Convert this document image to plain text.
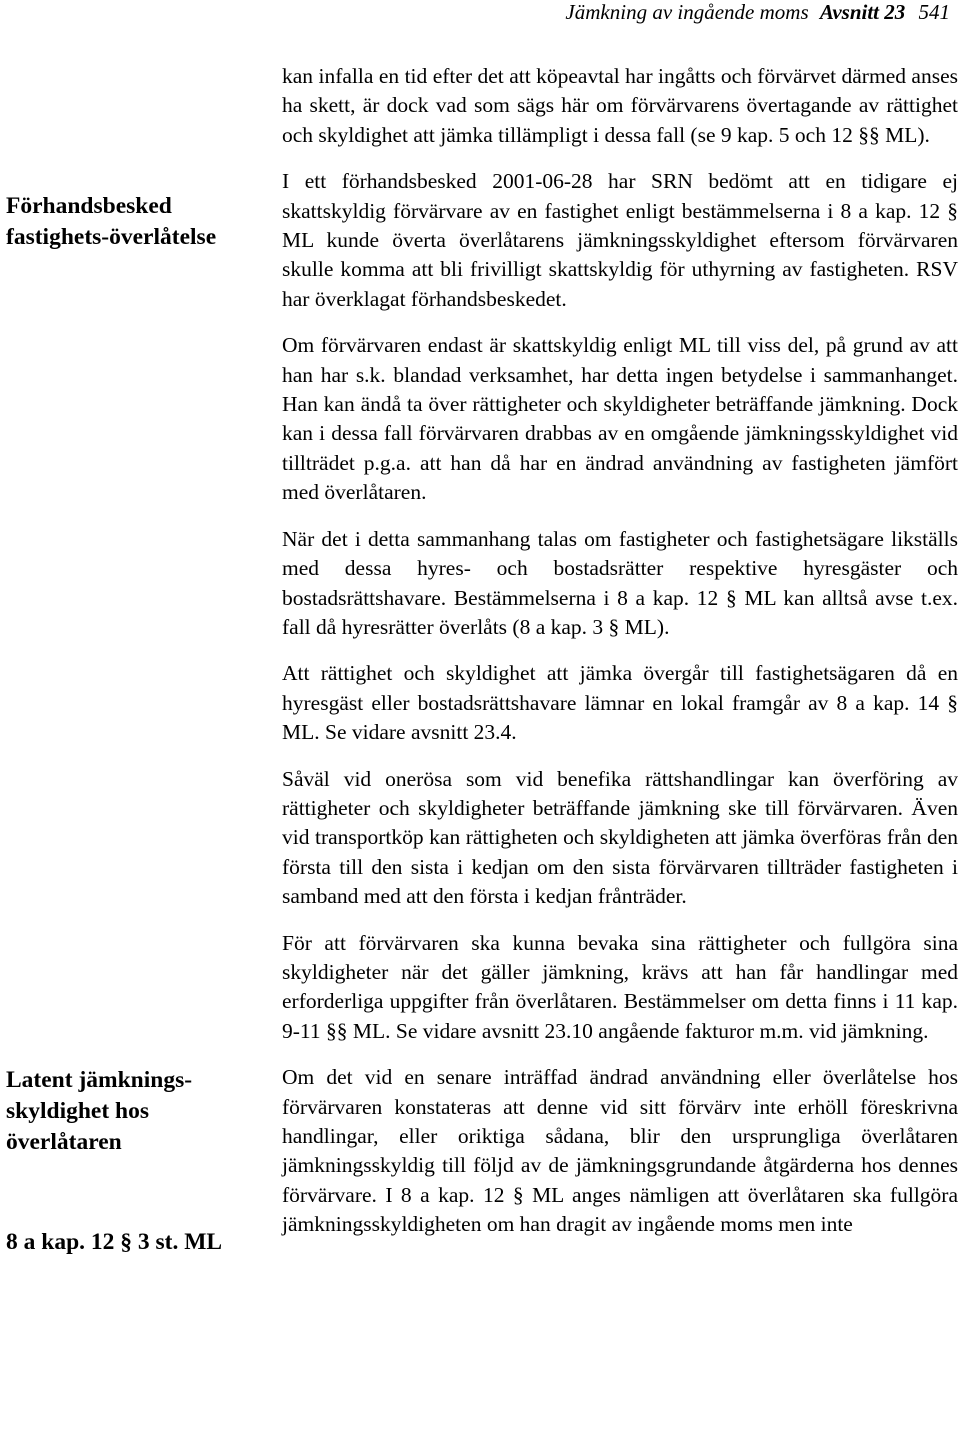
Jämkning av ingående moms Avsnitt 23 541
Förhandsbesked fastighets-överlåtelse
Latent jämknings-skyldighet hos överlåtaren
8 a kap. 12 § 3 st. ML

kan infalla en tid efter det att köpeavtal har ingåtts och förvärvet därmed anses ha skett, är dock vad som sägs här om förvärvarens övertagande av rättighet och skyldighet att jämka tillämpligt i dessa fall (se 9 kap. 5 och 12 §§ ML).

I ett förhandsbesked 2001-06-28 har SRN bedömt att en tidigare ej skattskyldig förvärvare av en fastighet enligt bestämmelserna i 8 a kap. 12 § ML kunde överta överlåtarens jämkningsskyldighet eftersom förvärvaren skulle komma att bli frivilligt skattskyldig för uthyrning av fastigheten. RSV har överklagat förhandsbeskedet.

Om förvärvaren endast är skattskyldig enligt ML till viss del, på grund av att han har s.k. blandad verksamhet, har detta ingen betydelse i sammanhanget. Han kan ändå ta över rättigheter och skyldigheter beträffande jämkning. Dock kan i dessa fall förvärvaren drabbas av en omgående jämkningsskyldighet vid tillträdet p.g.a. att han då har en ändrad användning av fastigheten jämfört med överlåtaren.

När det i detta sammanhang talas om fastigheter och fastighetsägare likställs med dessa hyres- och bostadsrätter respektive hyresgäster och bostadsrättshavare. Bestämmelserna i 8 a kap. 12 § ML kan alltså avse t.ex. fall då hyresrätter överlåts (8 a kap. 3 § ML).

Att rättighet och skyldighet att jämka övergår till fastighetsägaren då en hyresgäst eller bostadsrättshavare lämnar en lokal framgår av 8 a kap. 14 § ML. Se vidare avsnitt 23.4.

Såväl vid onerösa som vid benefika rättshandlingar kan överföring av rättigheter och skyldigheter beträffande jämkning ske till förvärvaren. Även vid transportköp kan rättigheten och skyldigheten att jämka överföras från den första till den sista i kedjan om den sista förvärvaren tillträder fastigheten i samband med att den första i kedjan frånträder.

För att förvärvaren ska kunna bevaka sina rättigheter och fullgöra sina skyldigheter när det gäller jämkning, krävs att han får handlingar med erforderliga uppgifter från överlåtaren. Bestämmelser om detta finns i 11 kap. 9-11 §§ ML. Se vidare avsnitt 23.10 angående fakturor m.m. vid jämkning.

Om det vid en senare inträffad ändrad användning eller överlåtelse hos förvärvaren konstateras att denne vid sitt förvärv inte erhöll föreskrivna handlingar, eller oriktiga sådana, blir den ursprungliga överlåtaren jämkningsskyldig till följd av de jämkningsgrundande åtgärderna hos dennes förvärvare. I 8 a kap. 12 § ML anges nämligen att överlåtaren ska fullgöra jämkningsskyldigheten om han dragit av ingående moms men inte
